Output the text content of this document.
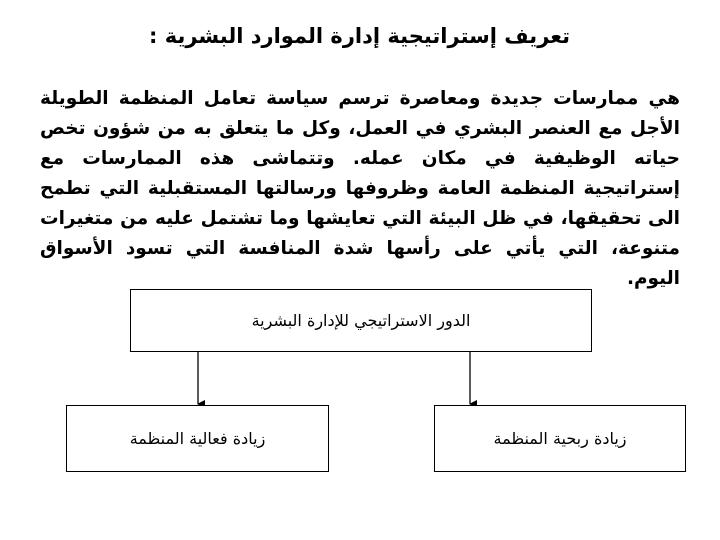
تعريف إستراتيجية إدارة الموارد البشرية :

هي ممارسات جديدة ومعاصرة ترسم سياسة تعامل المنظمة الطويلة الأجل مع العنصر البشري في العمل، وكل ما يتعلق به من شؤون تخص حياته الوظيفية في مكان عمله. وتتماشى هذه الممارسات مع إستراتيجية المنظمة العامة وظروفها ورسالتها المستقبلية التي تطمح الى تحقيقها، في ظل البيئة التي تعايشها وما تشتمل عليه من متغيرات متنوعة، التي يأتي على رأسها شدة المنافسة التي تسود الأسواق اليوم.

الدور الاستراتيجي للإدارة البشرية
زيادة فعالية المنظمة	زيادة ربحية المنظمة
